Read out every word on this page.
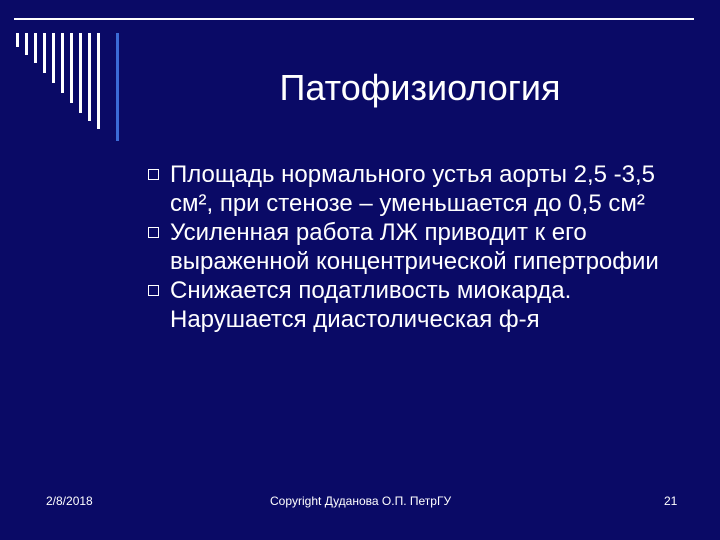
Патофизиология
Площадь нормального устья аорты 2,5 -3,5 см², при стенозе – уменьшается до 0,5 см²
Усиленная работа ЛЖ приводит к его выраженной концентрической гипертрофии
Снижается податливость миокарда. Нарушается диастолическая ф-я
2/8/2018	Copyright Дуданова О.П. ПетрГУ	21
